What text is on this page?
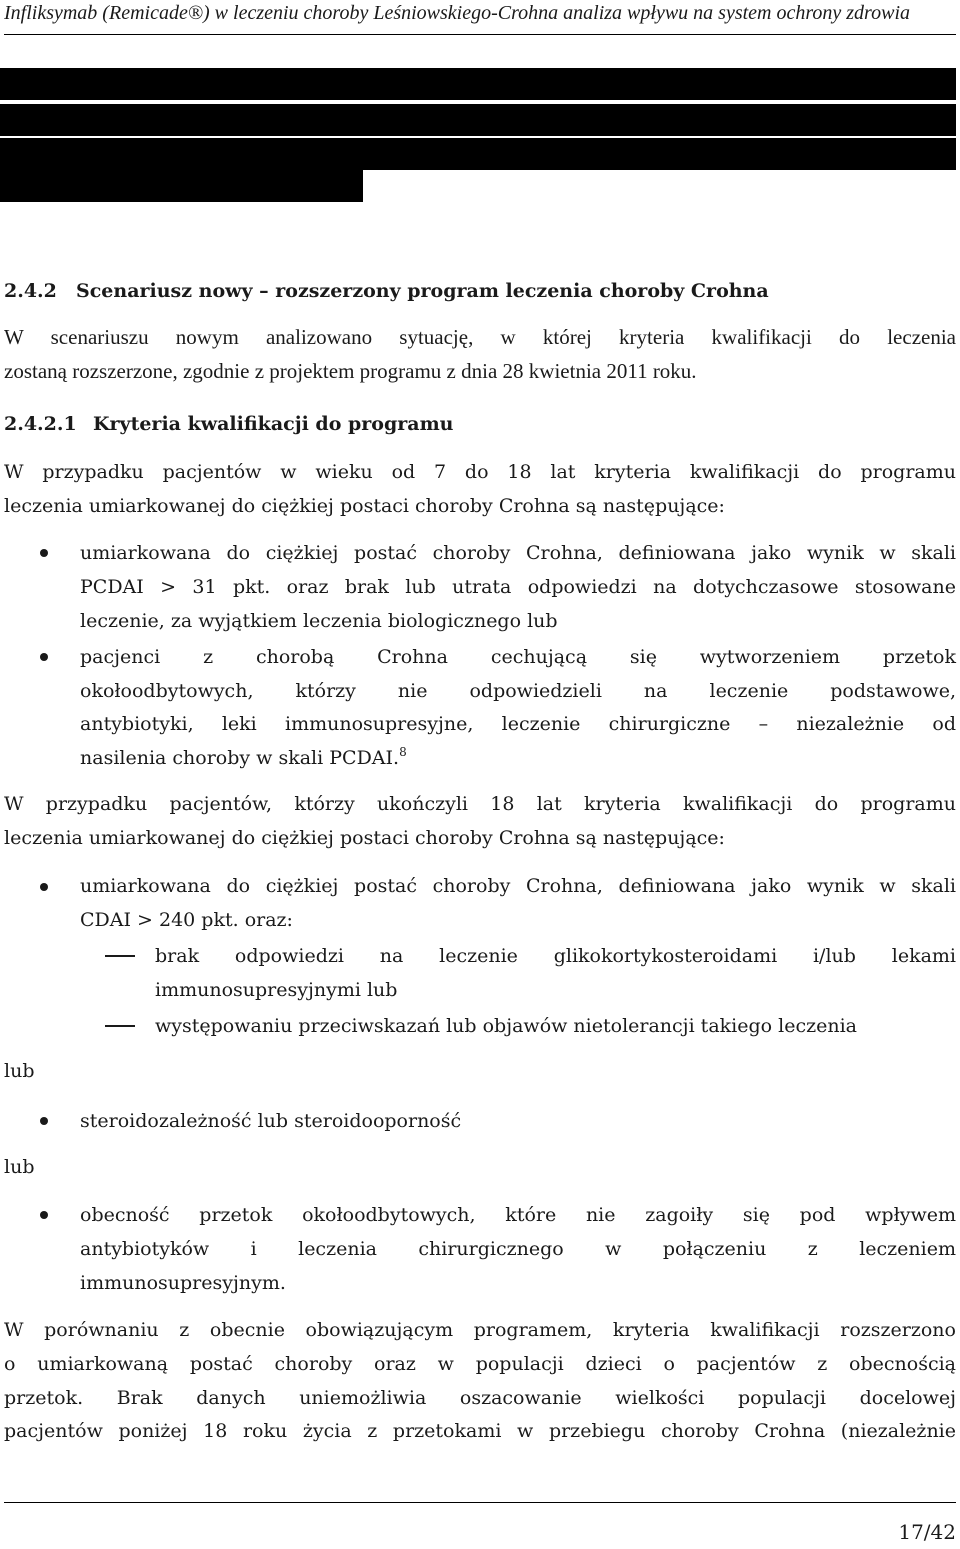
Infliksymab (Remicade®) w leczeniu choroby Leśniowskiego-Crohna analiza wpływu na system ochrony zdrowia
2.4.2 Scenariusz nowy – rozszerzony program leczenia choroby Crohna
W scenariuszu nowym analizowano sytuację, w której kryteria kwalifikacji do leczenia
zostaną rozszerzone, zgodnie z projektem programu z dnia 28 kwietnia 2011 roku.
2.4.2.1 Kryteria kwalifikacji do programu
W przypadku pacjentów w wieku od 7 do 18 lat kryteria kwalifikacji do programu
leczenia umiarkowanej do ciężkiej postaci choroby Crohna są następujące:
umiarkowana do ciężkiej postać choroby Crohna, definiowana jako wynik w skali
PCDAI > 31 pkt. oraz brak lub utrata odpowiedzi na dotychczasowe stosowane
leczenie, za wyjątkiem leczenia biologicznego lub
pacjenci z chorobą Crohna cechującą się wytworzeniem przetok
okołoodbytowych, którzy nie odpowiedzieli na leczenie podstawowe,
antybiotyki, leki immunosupresyjne, leczenie chirurgiczne – niezależnie od
nasilenia choroby w skali PCDAI.$^8$
W przypadku pacjentów, którzy ukończyli 18 lat kryteria kwalifikacji do programu
leczenia umiarkowanej do ciężkiej postaci choroby Crohna są następujące:
umiarkowana do ciężkiej postać choroby Crohna, definiowana jako wynik w skali
CDAI > 240 pkt. oraz:
brak odpowiedzi na leczenie glikokortykosteroidami i/lub lekami
immunosupresyjnymi lub
występowaniu przeciwskazań lub objawów nietolerancji takiego leczenia
lub
steroidozależność lub steroidooporność
lub
obecność przetok okołoodbytowych, które nie zagoiły się pod wpływem
antybiotyków i leczenia chirurgicznego w połączeniu z leczeniem
immunosupresyjnym.
W porównaniu z obecnie obowiązującym programem, kryteria kwalifikacji rozszerzono
o umiarkowaną postać choroby oraz w populacji dzieci o pacjentów z obecnością
przetok. Brak danych uniemożliwia oszacowanie wielkości populacji docelowej
pacjentów poniżej 18 roku życia z przetokami w przebiegu choroby Crohna (niezależnie
17/42
